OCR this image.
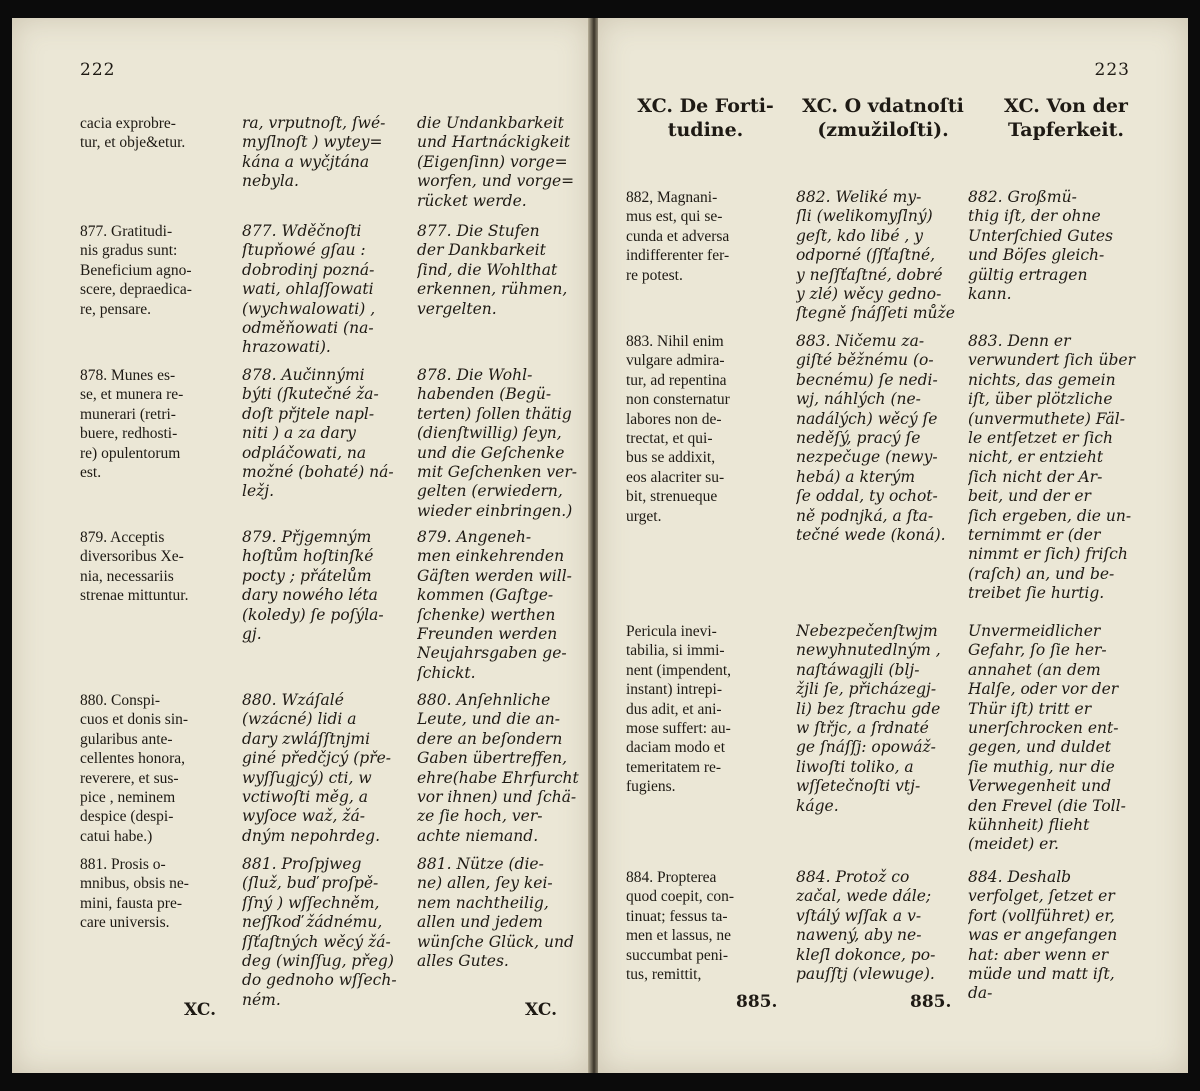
222
cacia exprobre-
tur, et obje&etur.
877. Gratitudi-
nis gradus sunt:
Beneficium agno-
scere, depraedica-
re, pensare.
878. Munes es-
se, et munera re-
munerari (retri-
buere, redhosti-
re) opulentorum
est.
879. Acceptis
diversoribus Xe-
nia, necessariis
strenae mittuntur.
880. Conspi-
cuos et donis sin-
gularibus ante-
cellentes honora,
reverere, et sus-
pice , neminem
despice (despi-
catui habe.)
881. Prosis o-
mnibus, obsis ne-
mini, fausta pre-
care universis.
ra, vrputnoſt, ſwé-
myſlnoſt ) wytey=
kána a wyčjtána
nebyla.
877. Wděčnoſti
ſtupňowé gſau :
dobrodinj pozná-
wati, ohlaſſowati
(wychwalowati) ,
odměňowati (na-
hrazowati).
878. Aučinnými
býti (ſkutečné ža-
doſt přjtele napl-
niti ) a za dary
odpláčowati, na
možné (bohaté) ná-
ležj.
879. Přjgemným
hoſtům hoſtinſké
pocty ; přátelům
dary nowého léta
(koledy) ſe poſýla-
gj.
880. Wzáſalé
(wzácné) lidi a
dary zwláſſtnjmi
giné předčjcý (pře-
wyſſugjcý) cti, w
vctiwoſti měg, a
wyſoce waž, žá-
dným nepohrdeg.
881. Proſpjweg
(ſluž, buď proſpě-
ſſný ) wſſechněm,
neſſkoď žádnému,
ſſťaſtných wěcý žá-
deg (winſſug, přeg)
do gednoho wſſech-
ném.
die Undankbarkeit
und Hartnáckigkeit
(Eigenſinn) vorge=
worfen, und vorge=
rücket werde.
877. Die Stufen
der Dankbarkeit
ſind, die Wohlthat
erkennen, rühmen,
vergelten.
878. Die Wohl-
habenden (Begü-
terten) ſollen thätig
(dienſtwillig) ſeyn,
und die Geſchenke
mit Geſchenken ver-
gelten (erwiedern,
wieder einbringen.)
879. Angeneh-
men einkehrenden
Gäſten werden will-
kommen (Gaſtge-
ſchenke) werthen
Freunden werden
Neujahrsgaben ge-
ſchickt.
880. Anſehnliche
Leute, und die an-
dere an beſondern
Gaben übertreffen,
ehre(habe Ehrfurcht
vor ihnen) und ſchä-
ze ſie hoch, ver-
achte niemand.
881. Nütze (die-
ne) allen, ſey kei-
nem nachtheilig,
allen und jedem
wünſche Glück, und
alles Gutes.
XC.	XC.
223
XC. De Forti-
tudine.
XC. O vdatnoſti
(zmužiloſti).
XC. Von der
Tapferkeit.
882, Magnani-
mus est, qui se-
cunda et adversa
indifferenter fer-
re potest.
883. Nihil enim
vulgare admira-
tur, ad repentina
non consternatur
labores non de-
trectat, et qui-
bus se addixit,
eos alacriter su-
bit, strenueque
urget.
Pericula inevi-
tabilia, si immi-
nent (impendent,
instant) intrepi-
dus adit, et ani-
mose suffert: au-
daciam modo et
temeritatem re-
fugiens.
884. Propterea
quod coepit, con-
tinuat; fessus ta-
men et lassus, ne
succumbat peni-
tus, remittit,
882. Weliké my-
ſli (welikomyſlný)
geſt, kdo libé , y
odporné (ſſťaſtné,
y neſſťaſtné, dobré
y zlé) wěcy gedno-
ſtegně ſnáſſeti může
883. Ničemu za-
giſté běžnému (o-
becnému) ſe nedi-
wj, náhlých (ne-
nadálých) wěcý ſe
neděſý, pracý ſe
nezpečuge (newy-
hebá) a kterým
ſe oddal, ty ochot-
ně podnjká, a ſta-
tečné wede (koná).
Nebezpečenſtwjm
newyhnutedlným ,
naſtáwagjli (blj-
žjli ſe, přicházegj-
li) bez ſtrachu gde
w ſtřjc, a ſrdnaté
ge ſnáſſj: opowáž-
liwoſti toliko, a
wſſetečnoſti vtj-
káge.
884. Protož co
začal, wede dále;
vſtálý wſſak a v-
nawený, aby ne-
kleſl dokonce, po-
pauſſtj (vlewuge).
882. Großmü-
thig iſt, der ohne
Unterſchied Gutes
und Böſes gleich-
gültig ertragen
kann.
883. Denn er
verwundert ſich über
nichts, das gemein
iſt, über plötzliche
(unvermuthete) Fäl-
le entſetzet er ſich
nicht, er entzieht
ſich nicht der Ar-
beit, und der er
ſich ergeben, die un-
ternimmt er (der
nimmt er ſich) friſch
(raſch) an, und be-
treibet ſie hurtig.
Unvermeidlicher
Gefahr, ſo ſie her-
annahet (an dem
Halſe, oder vor der
Thür iſt) tritt er
unerſchrocken ent-
gegen, und duldet
ſie muthig, nur die
Verwegenheit und
den Frevel (die Toll-
kühnheit) flieht
(meidet) er.
884. Deshalb
verfolget, ſetzet er
fort (vollführet) er,
was er angefangen
hat: aber wenn er
müde und matt iſt,
da-
885.	885.
